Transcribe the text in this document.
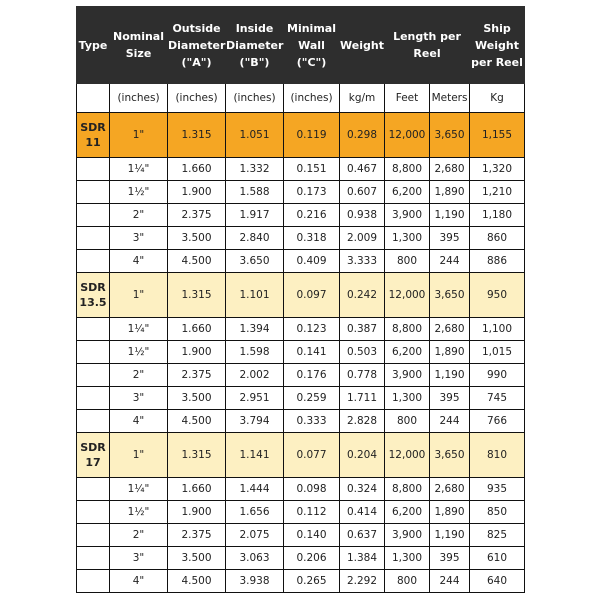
Type	Nominal Size	Outside Diameter ("A")	Inside Diameter ("B")	Minimal Wall ("C")	Weight	Length per Reel		Ship Weight per Reel
	(inches)	(inches)	(inches)	(inches)	kg/m	Feet	Meters	Kg
SDR 11	1"	1.315	1.051	0.119	0.298	12,000	3,650	1,155
	1¼"	1.660	1.332	0.151	0.467	8,800	2,680	1,320
	1½"	1.900	1.588	0.173	0.607	6,200	1,890	1,210
	2"	2.375	1.917	0.216	0.938	3,900	1,190	1,180
	3"	3.500	2.840	0.318	2.009	1,300	395	860
	4"	4.500	3.650	0.409	3.333	800	244	886
SDR 13.5	1"	1.315	1.101	0.097	0.242	12,000	3,650	950
	1¼"	1.660	1.394	0.123	0.387	8,800	2,680	1,100
	1½"	1.900	1.598	0.141	0.503	6,200	1,890	1,015
	2"	2.375	2.002	0.176	0.778	3,900	1,190	990
	3"	3.500	2.951	0.259	1.711	1,300	395	745
	4"	4.500	3.794	0.333	2.828	800	244	766
SDR 17	1"	1.315	1.141	0.077	0.204	12,000	3,650	810
	1¼"	1.660	1.444	0.098	0.324	8,800	2,680	935
	1½"	1.900	1.656	0.112	0.414	6,200	1,890	850
	2"	2.375	2.075	0.140	0.637	3,900	1,190	825
	3"	3.500	3.063	0.206	1.384	1,300	395	610
	4"	4.500	3.938	0.265	2.292	800	244	640
